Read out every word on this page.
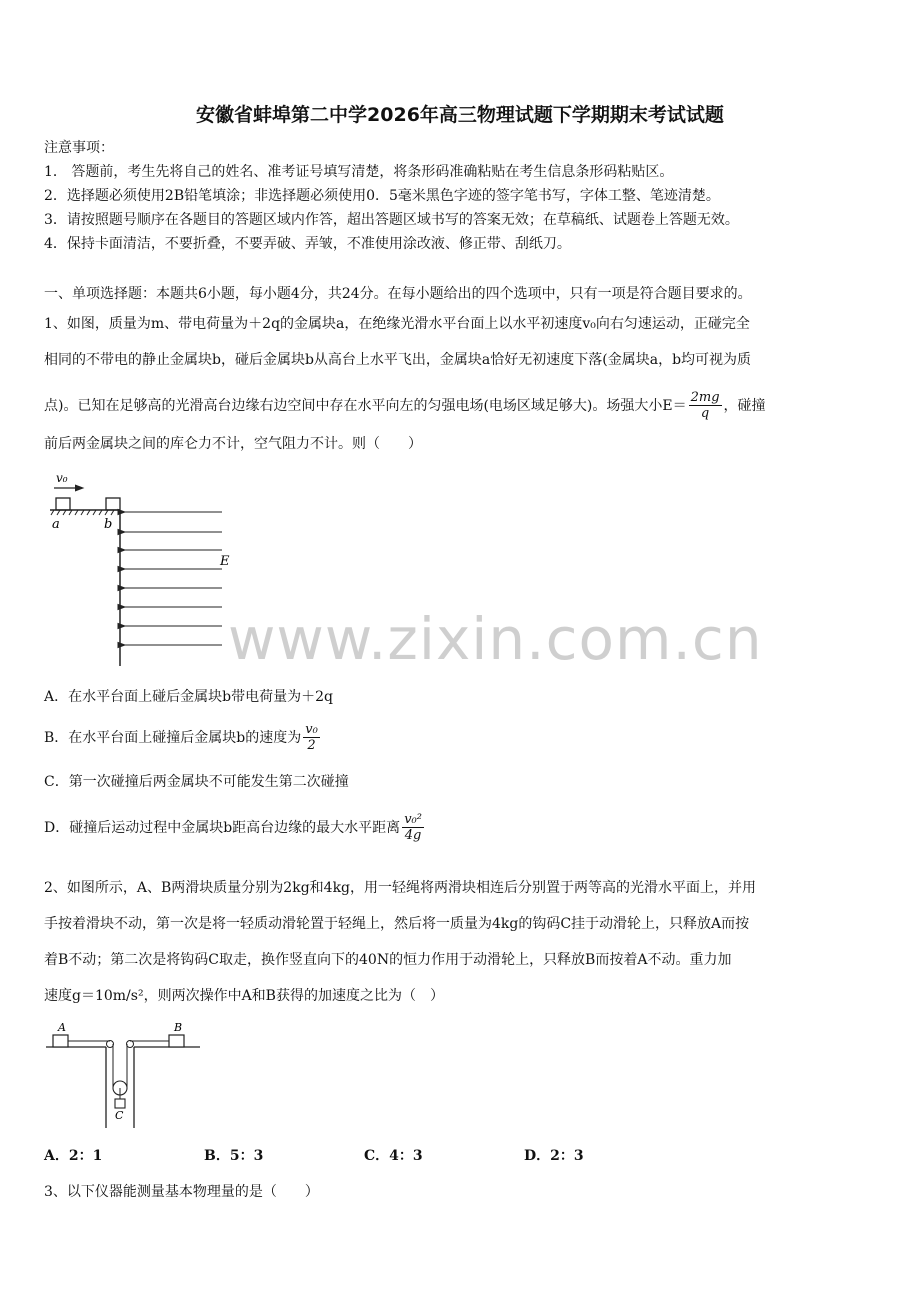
安徽省蚌埠第二中学2026年高三物理试题下学期期末考试试题
注意事项：
1． 答题前，考生先将自己的姓名、准考证号填写清楚，将条形码准确粘贴在考生信息条形码粘贴区。
2．选择题必须使用2B铅笔填涂；非选择题必须使用0．5毫米黑色字迹的签字笔书写，字体工整、笔迹清楚。
3．请按照题号顺序在各题目的答题区域内作答，超出答题区域书写的答案无效；在草稿纸、试题卷上答题无效。
4．保持卡面清洁，不要折叠，不要弄破、弄皱，不准使用涂改液、修正带、刮纸刀。
一、单项选择题：本题共6小题，每小题4分，共24分。在每小题给出的四个选项中，只有一项是符合题目要求的。
1、如图，质量为m、带电荷量为＋2q的金属块a，在绝缘光滑水平台面上以水平初速度v₀向右匀速运动，正碰完全
相同的不带电的静止金属块b，碰后金属块b从高台上水平飞出，金属块a恰好无初速度下落(金属块a，b均可视为质
点)。已知在足够高的光滑高台边缘右边空间中存在水平向左的匀强电场(电场区域足够大)。场强大小$E= \frac{2mg}{q}$ ，碰撞
前后两金属块之间的库仑力不计，空气阻力不计。则（　　）
v₀
a	b
E
www.zixin.com.cn
A．在水平台面上碰后金属块b带电荷量为＋2q
B．在水平台面上碰撞后金属块b的速度为 $\frac{\text{v₀}}{2}$
C．第一次碰撞后两金属块不可能发生第二次碰撞
D．碰撞后运动过程中金属块b距高台边缘的最大水平距离 $\frac{\text{v₀²}}{4g}$
2、如图所示，A、B两滑块质量分别为2kg和4kg，用一轻绳将两滑块相连后分别置于两等高的光滑水平面上，并用
手按着滑块不动，第一次是将一轻质动滑轮置于轻绳上，然后将一质量为4kg的钩码C挂于动滑轮上，只释放A而按
着B不动；第二次是将钩码C取走，换作竖直向下的40N的恒力作用于动滑轮上，只释放B而按着A不动。重力加
速度g＝10m/s²，则两次操作中A和B获得的加速度之比为（　）
A	B
C
A．2：1	B．5：3	C．4：3	D．2：3
3、以下仪器能测量基本物理量的是（　　）
